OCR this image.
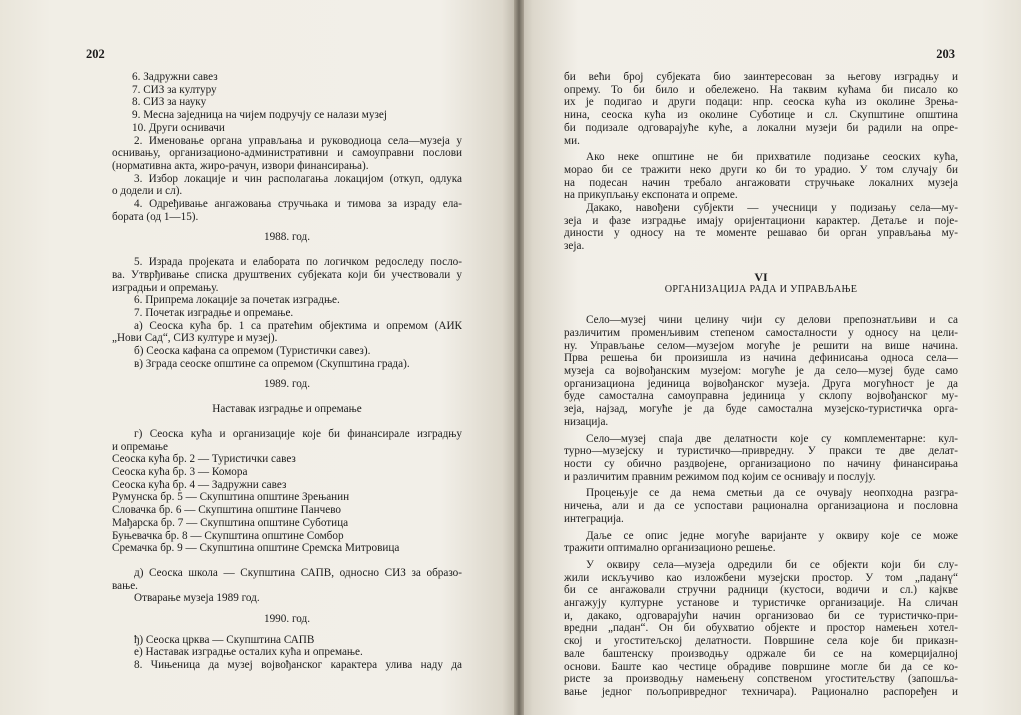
202
6. Задружни савез
7. СИЗ за културу
8. СИЗ за науку
9. Месна заједница на чијем подручју се налази музеј
10. Други оснивачи
2. Именовање органа управљања и руководиоца села—музеја у
оснивању, организационо-административни и самоуправни послови
(нормативна акта, жиро-рачун, извори финансирања).
3. Избор локације и чин располагања локацијом (откуп, одлука
о додели и сл).
4. Одређивање ангажовања стручњака и тимова за израду ела-
бората (од 1—15).
1988. год.
5. Израда пројеката и елабората по логичком редоследу посло-
ва. Утврђивање списка друштвених субјеката који би учествовали у
изградњи и опремању.
6. Припрема локације за почетак изградње.
7. Почетак изградње и опремање.
а) Сеоска кућа бр. 1 са пратећим објектима и опремом (АИК
„Нови Сад“, СИЗ културе и музеј).
б) Сеоска кафана са опремом (Туристички савез).
в) Зграда сеоске општине са опремом (Скупштина града).
1989. год.
Наставак изградње и опремање
г) Сеоска кућа и организације које би финансирале изградњу
и опремање
Сеоска кућа бр. 2 — Туристички савез
Сеоска кућа бр. 3 — Комора
Сеоска кућа бр. 4 — Задружни савез
Румунска бр. 5 — Скупштина општине Зрењанин
Словачка бр. 6 — Скупштина општине Панчево
Мађарска бр. 7 — Скупштина општине Суботица
Буњевачка бр. 8 — Скупштина општине Сомбор
Сремачка бр. 9 — Скупштина општине Сремска Митровица
д) Сеоска школа — Скупштина САПВ, односно СИЗ за образо-
вање.
Отварање музеја 1989 год.
1990. год.
ђ) Сеоска црква — Скупштина САПВ
е) Наставак изградње осталих кућа и опремање.
8. Чињеница да музеј војвођанског карактера улива наду да
203
би већи број субјеката био заинтересован за његову изградњу и
опрему. То би било и обележено. На таквим кућама би писало ко
их је подигао и други подаци: нпр. сеоска кућа из околине Зрења-
нина, сеоска кућа из околине Суботице и сл. Скупштине општина
би подизале одговарајуће куће, а локални музеји би радили на опре-
ми.
Ако неке општине не би прихватиле подизање сеоских кућа,
морао би се тражити неко други ко би то урадио. У том случају би
на подесан начин требало ангажовати стручњаке локалних музеја
на прикупљању експоната и опреме.
Дакако, навођени субјекти — учесници у подизању села—му-
зеја и фазе изградње имају оријентациони карактер. Детаље и поје-
диности у односу на те моменте решавао би орган управљања му-
зеја.
VI
ОРГАНИЗАЦИЈА РАДА И УПРАВЉАЊЕ
Село—музеј чини целину чији су делови препознатљиви и са
различитим променљивим степеном самосталности у односу на цели-
ну. Управљање селом—музејом могуће је решити на више начина.
Прва решења би произишла из начина дефинисања односа села—
музеја са војвођанским музејом: могуће је да село—музеј буде само
организациона јединица војвођанског музеја. Друга могућност је да
буде самостална самоуправна јединица у склопу војвођанског му-
зеја, најзад, могуће је да буде самостална музејско-туристичка орга-
низација.
Село—музеј спаја две делатности које су комплементарне: кул-
турно—музејску и туристичко—привредну. У пракси те две делат-
ности су обично раздвојене, организационо по начину финансирања
и различитим правним режимом под којим се оснивају и послују.
Процењује се да нема сметњи да се очувају неопходна разгра-
ничења, али и да се успостави рационална организациона и пословна
интеграција.
Даље се опис једне могуће варијанте у оквиру које се може
тражити оптимално организационо решење.
У оквиру села—музеја одредили би се објекти који би слу-
жили искључиво као изложбени музејски простор. У том „паданү“
би се ангажовали стручни радници (кустоси, водичи и сл.) кајкве
ангажују културне установе и туристичке организације. На сличан
и, дакако, одговарајући начин организовао би се туристичко-при-
вредни „падан“. Он би обухватио објекте и простор намењен хотел-
ској и угоститељској делатности. Површине села које би приказн-
вале баштенску производњу одржале би се на комерцијалној
основи. Баште као честице обрадиве површине могле би да се ко-
ристе за производњу намењену сопственом угоститељству (запошља-
вање једног пољопривредног техничара). Рационално распоређен и
